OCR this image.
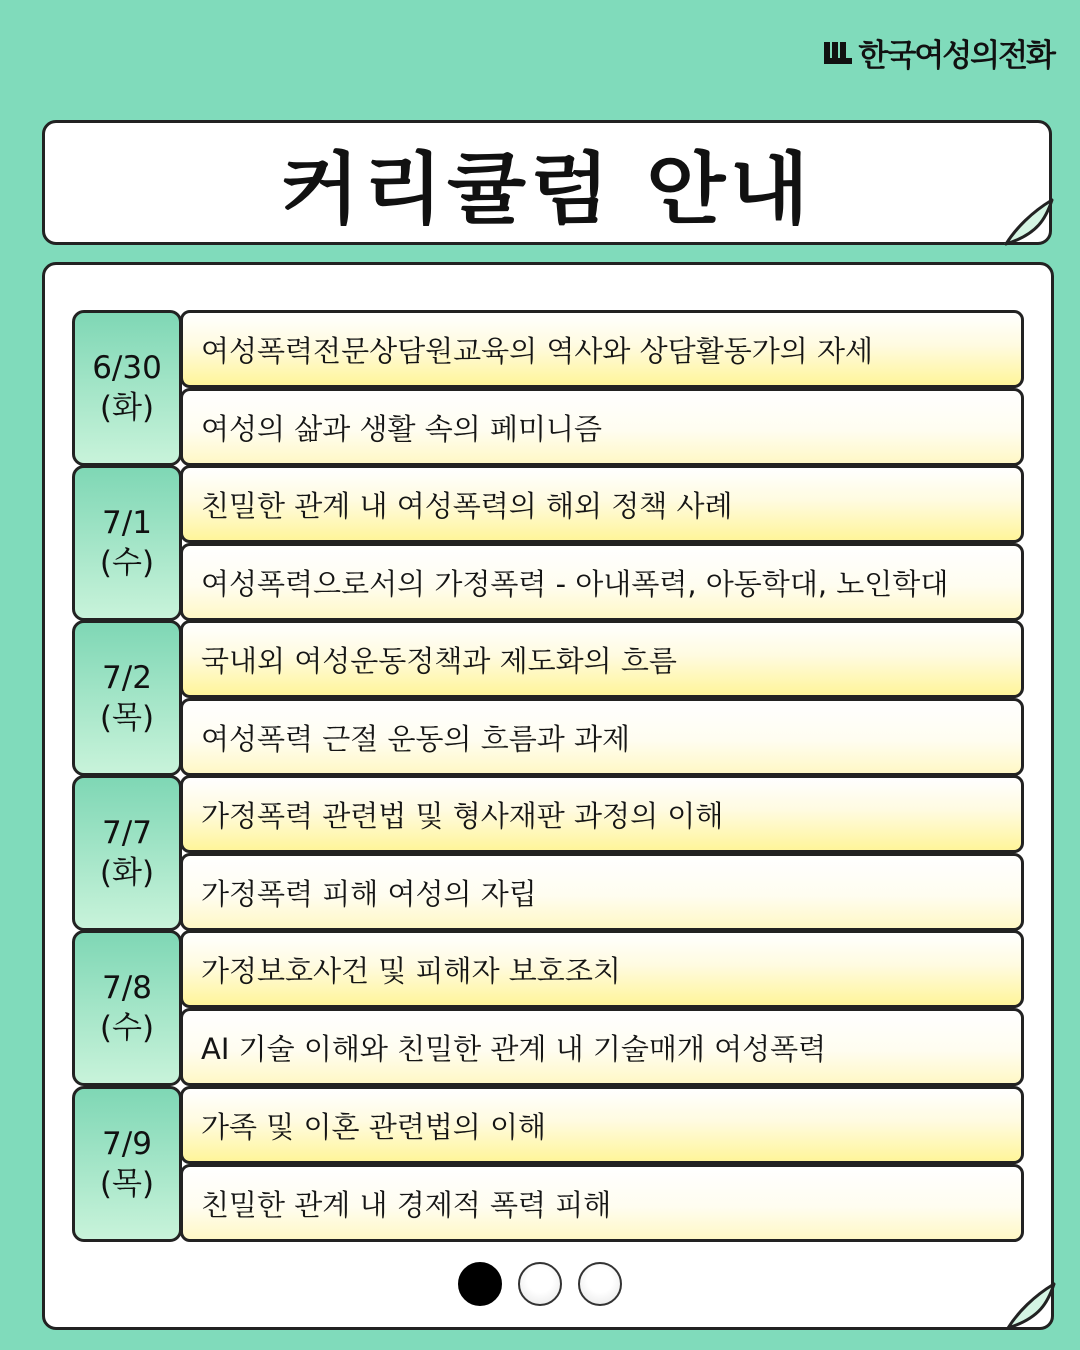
한국여성의전화
커리큘럼 안내
6/30
(화)
여성폭력전문상담원교육의 역사와 상담활동가의 자세
여성의 삶과 생활 속의 페미니즘
7/1
(수)
친밀한 관계 내 여성폭력의 해외 정책 사례
여성폭력으로서의 가정폭력 - 아내폭력, 아동학대, 노인학대
7/2
(목)
국내외 여성운동정책과 제도화의 흐름
여성폭력 근절 운동의 흐름과 과제
7/7
(화)
가정폭력 관련법 및 형사재판 과정의 이해
가정폭력 피해 여성의 자립
7/8
(수)
가정보호사건 및 피해자 보호조치
AI 기술 이해와 친밀한 관계 내 기술매개 여성폭력
7/9
(목)
가족 및 이혼 관련법의 이해
친밀한 관계 내 경제적 폭력 피해
